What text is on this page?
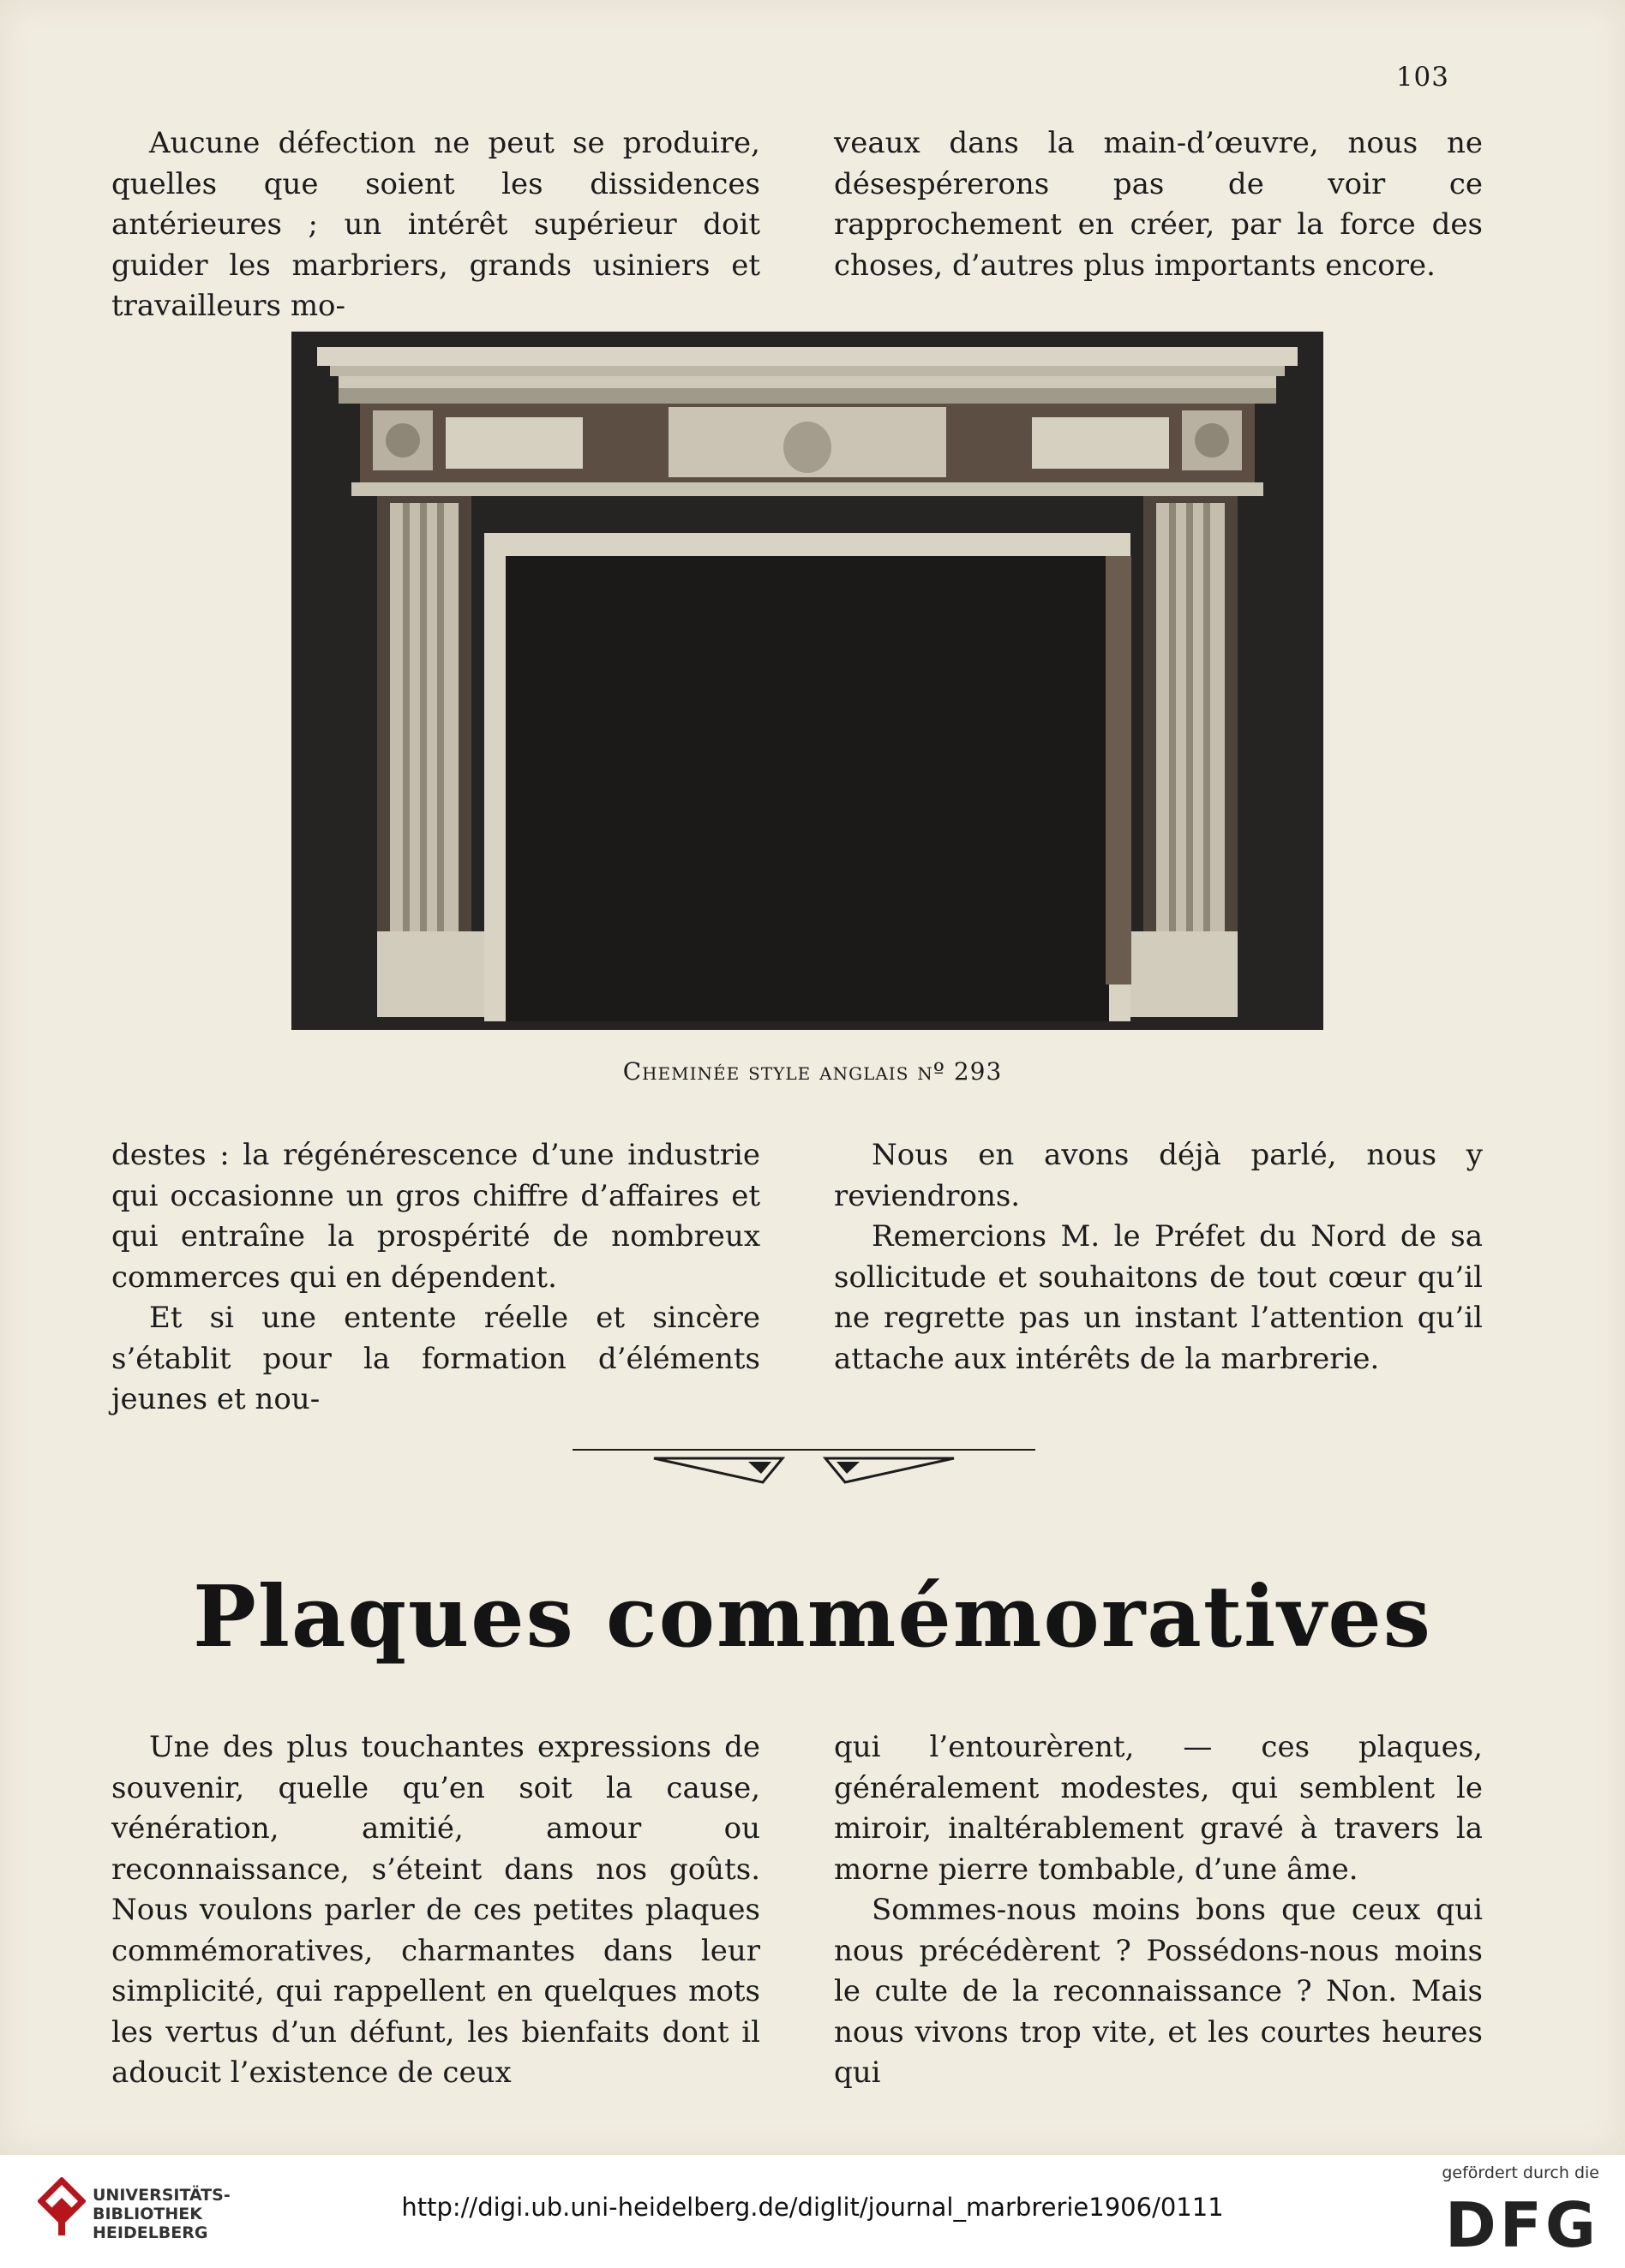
103

Aucune défection ne peut se produire, quelles que soient les dissidences antérieures ; un intérêt supérieur doit guider les marbriers, grands usiniers et travailleurs mo-

veaux dans la main-d’œuvre, nous ne désespérerons pas de voir ce rapprochement en créer, par la force des choses, d’autres plus importants encore.

Cheminée style anglais nº 293

destes : la régénérescence d’une industrie qui occasionne un gros chiffre d’affaires et qui entraîne la prospérité de nombreux commerces qui en dépendent.

Et si une entente réelle et sincère s’établit pour la formation d’éléments jeunes et nou-

Nous en avons déjà parlé, nous y reviendrons.

Remercions M. le Préfet du Nord de sa sollicitude et souhaitons de tout cœur qu’il ne regrette pas un instant l’attention qu’il attache aux intérêts de la marbrerie.

Plaques commémoratives

Une des plus touchantes expressions de souvenir, quelle qu’en soit la cause, vénération, amitié, amour ou reconnaissance, s’éteint dans nos goûts. Nous voulons parler de ces petites plaques commémoratives, charmantes dans leur simplicité, qui rappellent en quelques mots les vertus d’un défunt, les bienfaits dont il adoucit l’existence de ceux

qui l’entourèrent, — ces plaques, généralement modestes, qui semblent le miroir, inaltérablement gravé à travers la morne pierre tombable, d’une âme.

Sommes-nous moins bons que ceux qui nous précédèrent ? Possédons-nous moins le culte de la reconnaissance ? Non. Mais nous vivons trop vite, et les courtes heures qui

UNIVERSITÄTS-
BIBLIOTHEK
HEIDELBERG
http://digi.ub.uni-heidelberg.de/diglit/journal_marbrerie1906/0111
gefördert durch die
DFG
